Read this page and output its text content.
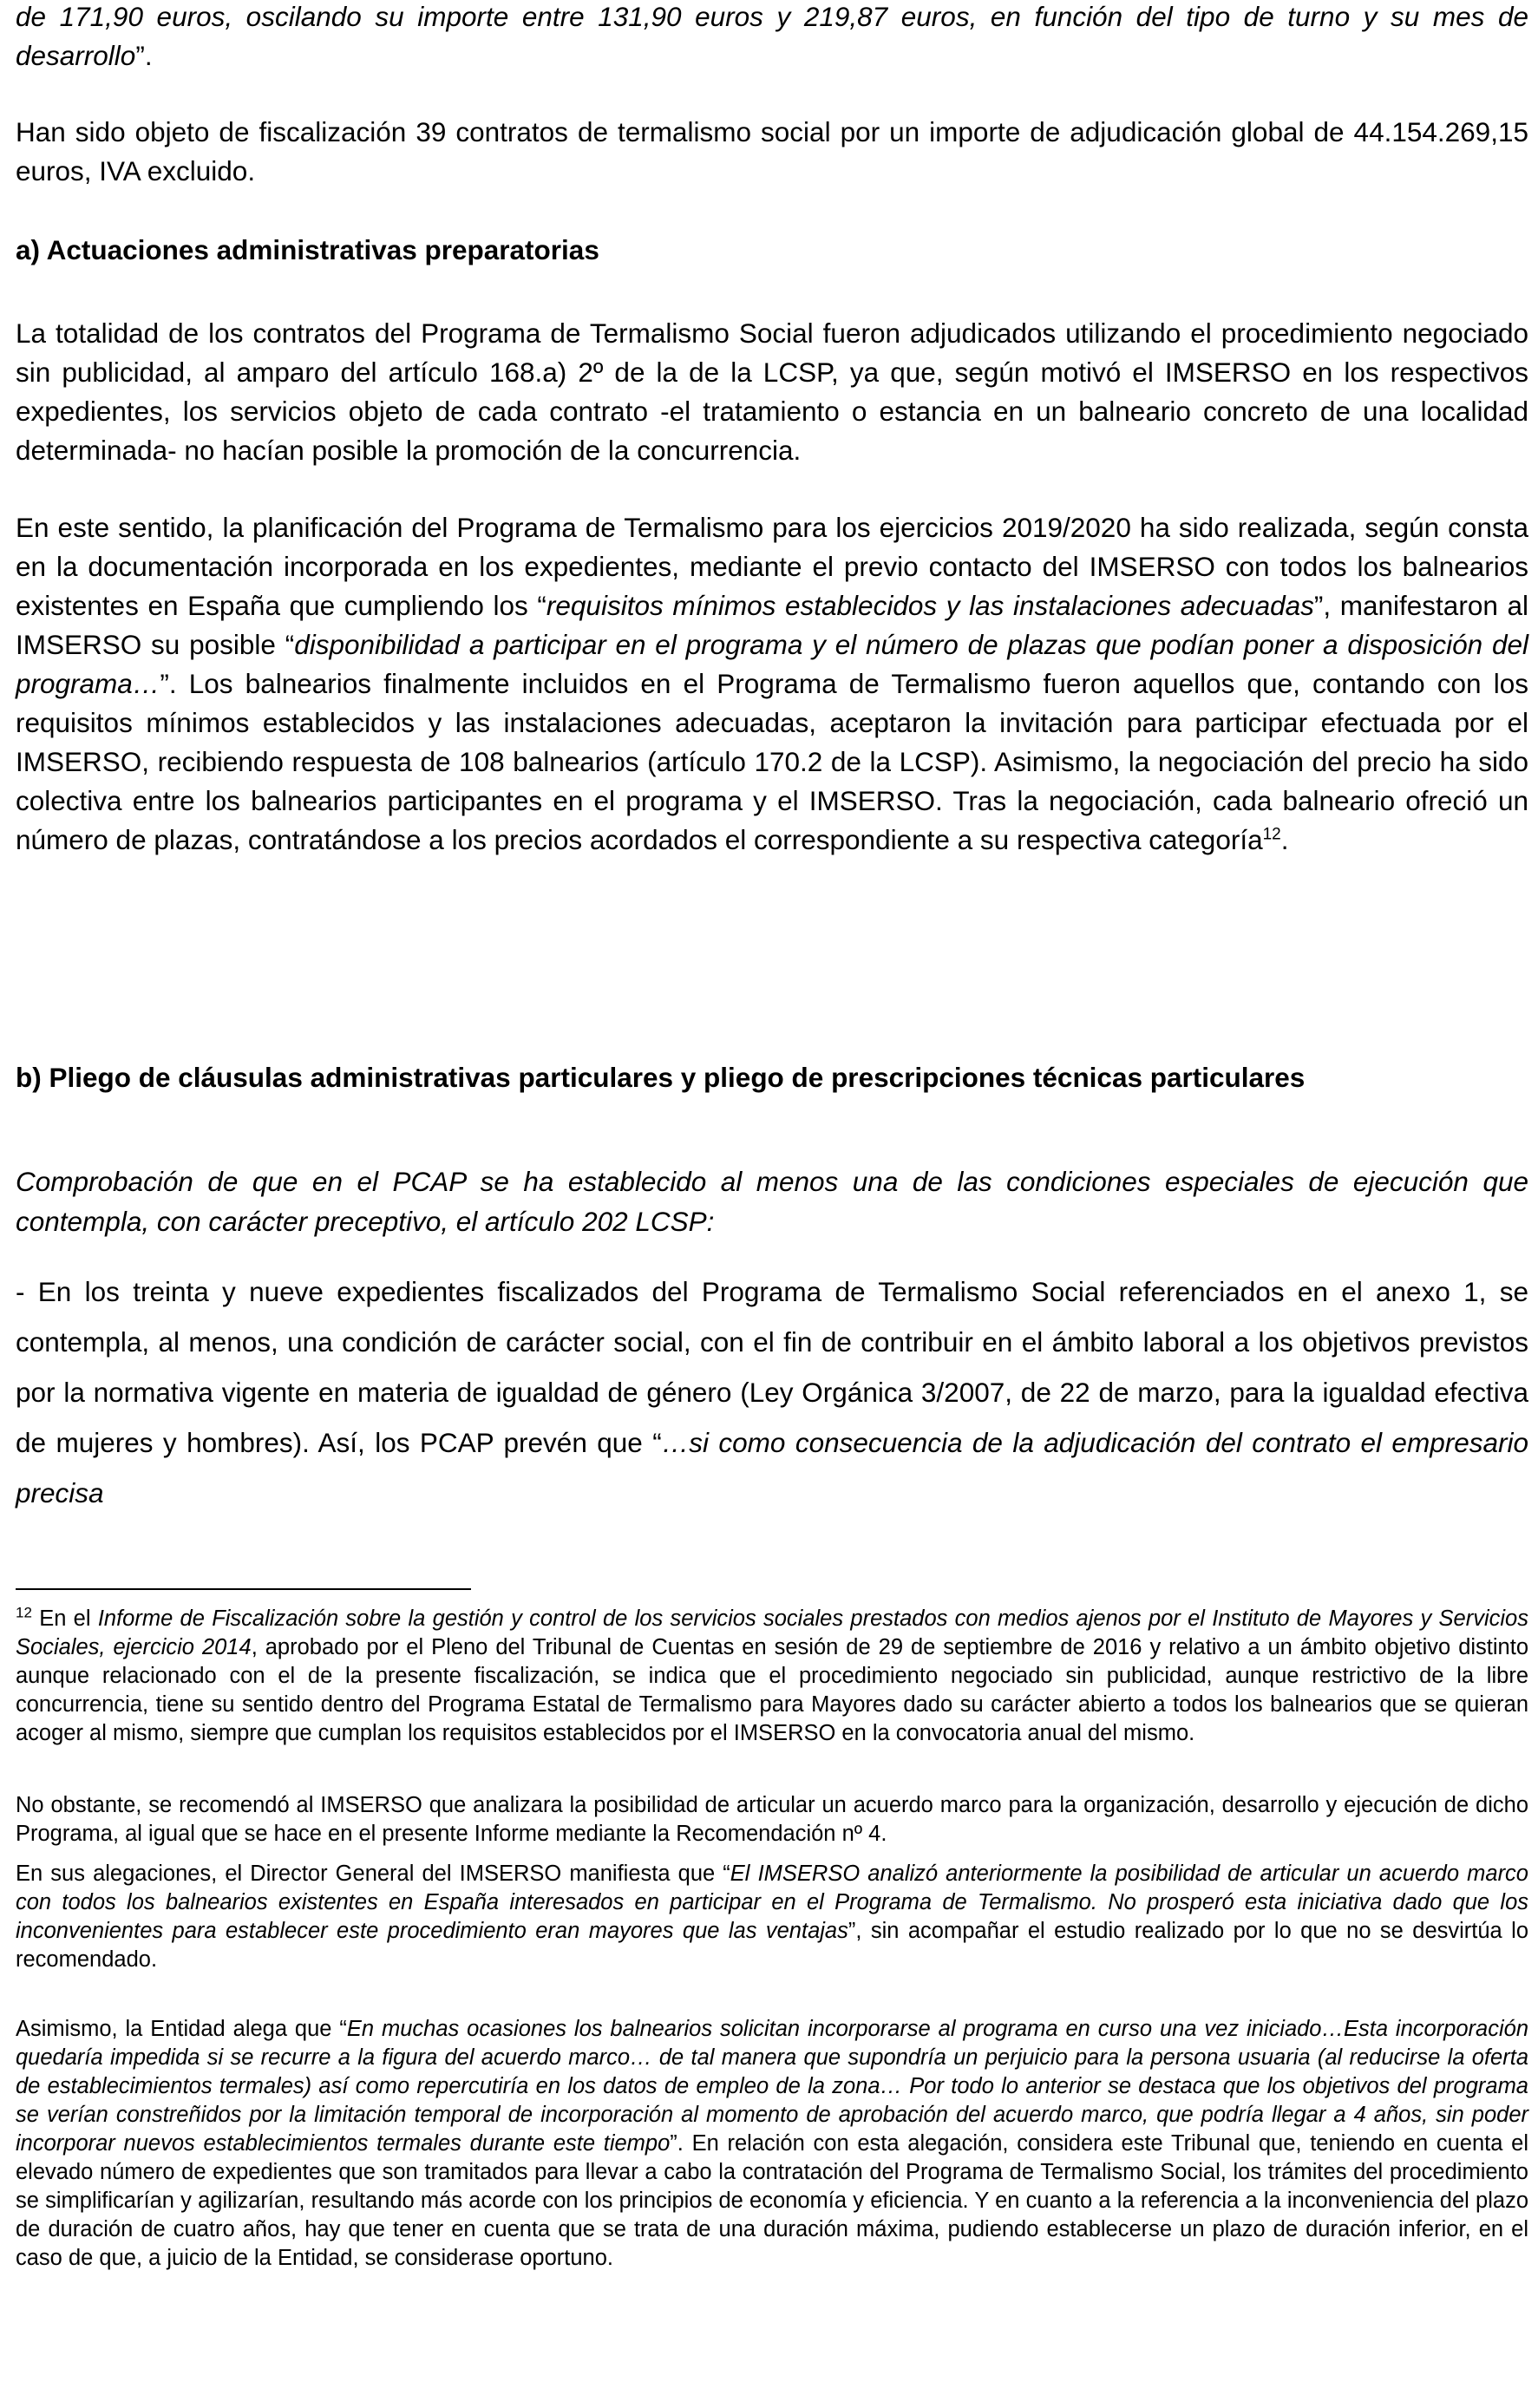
de 171,90 euros, oscilando su importe entre 131,90 euros y 219,87 euros, en función del tipo de turno y su mes de desarrollo”.

Han sido objeto de fiscalización 39 contratos de termalismo social por un importe de adjudicación global de 44.154.269,15 euros, IVA excluido.

a) Actuaciones administrativas preparatorias

La totalidad de los contratos del Programa de Termalismo Social fueron adjudicados utilizando el procedimiento negociado sin publicidad, al amparo del artículo 168.a) 2º de la de la LCSP, ya que, según motivó el IMSERSO en los respectivos expedientes, los servicios objeto de cada contrato -el tratamiento o estancia en un balneario concreto de una localidad determinada- no hacían posible la promoción de la concurrencia.

En este sentido, la planificación del Programa de Termalismo para los ejercicios 2019/2020 ha sido realizada, según consta en la documentación incorporada en los expedientes, mediante el previo contacto del IMSERSO con todos los balnearios existentes en España que cumpliendo los “requisitos mínimos establecidos y las instalaciones adecuadas”, manifestaron al IMSERSO su posible “disponibilidad a participar en el programa y el número de plazas que podían poner a disposición del programa…”. Los balnearios finalmente incluidos en el Programa de Termalismo fueron aquellos que, contando con los requisitos mínimos establecidos y las instalaciones adecuadas, aceptaron la invitación para participar efectuada por el IMSERSO, recibiendo respuesta de 108 balnearios (artículo 170.2 de la LCSP). Asimismo, la negociación del precio ha sido colectiva entre los balnearios participantes en el programa y el IMSERSO. Tras la negociación, cada balneario ofreció un número de plazas, contratándose a los precios acordados el correspondiente a su respectiva categoría$^{12}$.

b) Pliego de cláusulas administrativas particulares y pliego de prescripciones técnicas particulares

Comprobación de que en el PCAP se ha establecido al menos una de las condiciones especiales de ejecución que contempla, con carácter preceptivo, el artículo 202 LCSP:

- En los treinta y nueve expedientes fiscalizados del Programa de Termalismo Social referenciados en el anexo 1, se contempla, al menos, una condición de carácter social, con el fin de contribuir en el ámbito laboral a los objetivos previstos por la normativa vigente en materia de igualdad de género (Ley Orgánica 3/2007, de 22 de marzo, para la igualdad efectiva de mujeres y hombres). Así, los PCAP prevén que “…si como consecuencia de la adjudicación del contrato el empresario precisa

$^{12}$ En el Informe de Fiscalización sobre la gestión y control de los servicios sociales prestados con medios ajenos por el Instituto de Mayores y Servicios Sociales, ejercicio 2014, aprobado por el Pleno del Tribunal de Cuentas en sesión de 29 de septiembre de 2016 y relativo a un ámbito objetivo distinto aunque relacionado con el de la presente fiscalización, se indica que el procedimiento negociado sin publicidad, aunque restrictivo de la libre concurrencia, tiene su sentido dentro del Programa Estatal de Termalismo para Mayores dado su carácter abierto a todos los balnearios que se quieran acoger al mismo, siempre que cumplan los requisitos establecidos por el IMSERSO en la convocatoria anual del mismo.

No obstante, se recomendó al IMSERSO que analizara la posibilidad de articular un acuerdo marco para la organización, desarrollo y ejecución de dicho Programa, al igual que se hace en el presente Informe mediante la Recomendación nº 4.

En sus alegaciones, el Director General del IMSERSO manifiesta que “El IMSERSO analizó anteriormente la posibilidad de articular un acuerdo marco con todos los balnearios existentes en España interesados en participar en el Programa de Termalismo. No prosperó esta iniciativa dado que los inconvenientes para establecer este procedimiento eran mayores que las ventajas”, sin acompañar el estudio realizado por lo que no se desvirtúa lo recomendado.

Asimismo, la Entidad alega que “En muchas ocasiones los balnearios solicitan incorporarse al programa en curso una vez iniciado…Esta incorporación quedaría impedida si se recurre a la figura del acuerdo marco… de tal manera que supondría un perjuicio para la persona usuaria (al reducirse la oferta de establecimientos termales) así como repercutiría en los datos de empleo de la zona… Por todo lo anterior se destaca que los objetivos del programa se verían constreñidos por la limitación temporal de incorporación al momento de aprobación del acuerdo marco, que podría llegar a 4 años, sin poder incorporar nuevos establecimientos termales durante este tiempo”. En relación con esta alegación, considera este Tribunal que, teniendo en cuenta el elevado número de expedientes que son tramitados para llevar a cabo la contratación del Programa de Termalismo Social, los trámites del procedimiento se simplificarían y agilizarían, resultando más acorde con los principios de economía y eficiencia. Y en cuanto a la referencia a la inconveniencia del plazo de duración de cuatro años, hay que tener en cuenta que se trata de una duración máxima, pudiendo establecerse un plazo de duración inferior, en el caso de que, a juicio de la Entidad, se considerase oportuno.
